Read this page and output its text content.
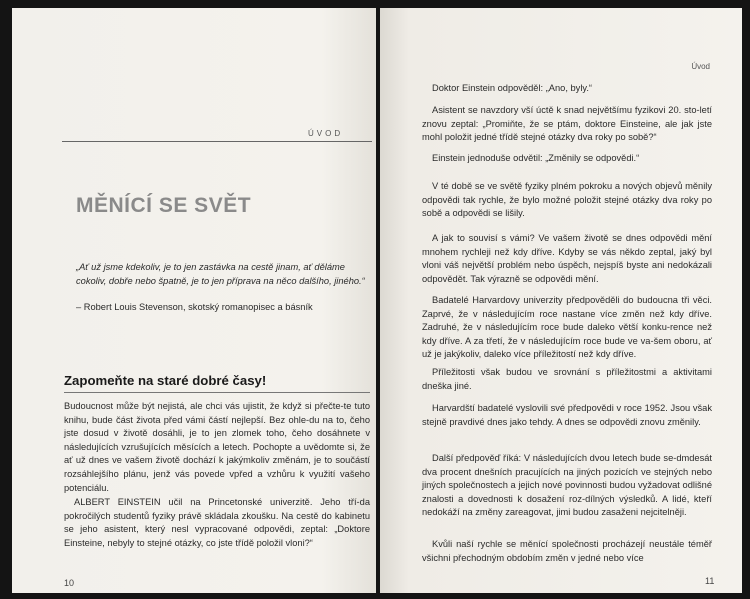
ÚVOD
MĚNÍCÍ SE SVĚT
„Ať už jsme kdekoliv, je to jen zastávka na cestě jinam, ať děláme cokoliv, dobře nebo špatně, je to jen příprava na něco dalšího, jiného.“
– Robert Louis Stevenson, skotský romanopisec a básník
Zapomeňte na staré dobré časy!

Budoucnost může být nejistá, ale chci vás ujistit, že když si přečte-te tuto knihu, bude část života před vámi částí nejlepší. Bez ohle-du na to, čeho jste dosud v životě dosáhli, je to jen zlomek toho, čeho dosáhnete v následujících vzrušujících měsících a letech. Pochopte a uvědomte si, že ať už dnes ve vašem životě dochází k jakýmkoliv změnám, je to součástí rozsáhlejšího plánu, jenž vás povede vpřed a vzhůru k využití vašeho potenciálu.

ALBERT EINSTEIN učil na Princetonské univerzitě. Jeho tří-da pokročilých studentů fyziky právě skládala zkoušku. Na cestě do kabinetu se jeho asistent, který nesl vypracované odpovědi, zeptal: „Doktore Einsteine, nebyly to stejné otázky, co jste třídě položil vloni?“

10
Úvod

Doktor Einstein odpověděl: „Ano, byly.“

Asistent se navzdory vší úctě k snad největšímu fyzikovi 20. sto-letí znovu zeptal: „Promiňte, že se ptám, doktore Einsteine, ale jak jste mohl položit jedné třídě stejné otázky dva roky po sobě?“

Einstein jednoduše odvětil: „Změnily se odpovědi.“

V té době se ve světě fyziky plném pokroku a nových objevů měnily odpovědi tak rychle, že bylo možné položit stejné otázky dva roky po sobě a odpovědi se lišily.

A jak to souvisí s vámi? Ve vašem životě se dnes odpovědi mění mnohem rychleji než kdy dříve. Kdyby se vás někdo zeptal, jaký byl vloni váš největší problém nebo úspěch, nejspíš byste ani nedokázali odpovědět. Tak výrazně se odpovědi mění.

Badatelé Harvardovy univerzity předpověděli do budoucna tři věci. Zaprvé, že v následujícím roce nastane více změn než kdy dříve. Zadruhé, že v následujícím roce bude daleko větší konku-rence než kdy dříve. A za třetí, že v následujícím roce bude ve va-šem oboru, ať už je jakýkoliv, daleko více příležitostí než kdy dříve.

Příležitosti však budou ve srovnání s příležitostmi a aktivitami dneška jiné.

Harvardští badatelé vyslovili své předpovědi v roce 1952. Jsou však stejně pravdivé dnes jako tehdy. A dnes se odpovědi znovu změnily.

Další předpověď říká: V následujících dvou letech bude se-dmdesát dva procent dnešních pracujících na jiných pozicích ve stejných nebo jiných společnostech a jejich nové povinnosti budou vyžadovat odlišné znalosti a dovednosti k dosažení roz-dílných výsledků. A lidé, kteří nedokáží na změny zareagovat, jimi budou zasaženi nejcitelněji.

Kvůli naší rychle se měnící společnosti procházejí neustále téměř všichni přechodným obdobím změn v jedné nebo více

11
